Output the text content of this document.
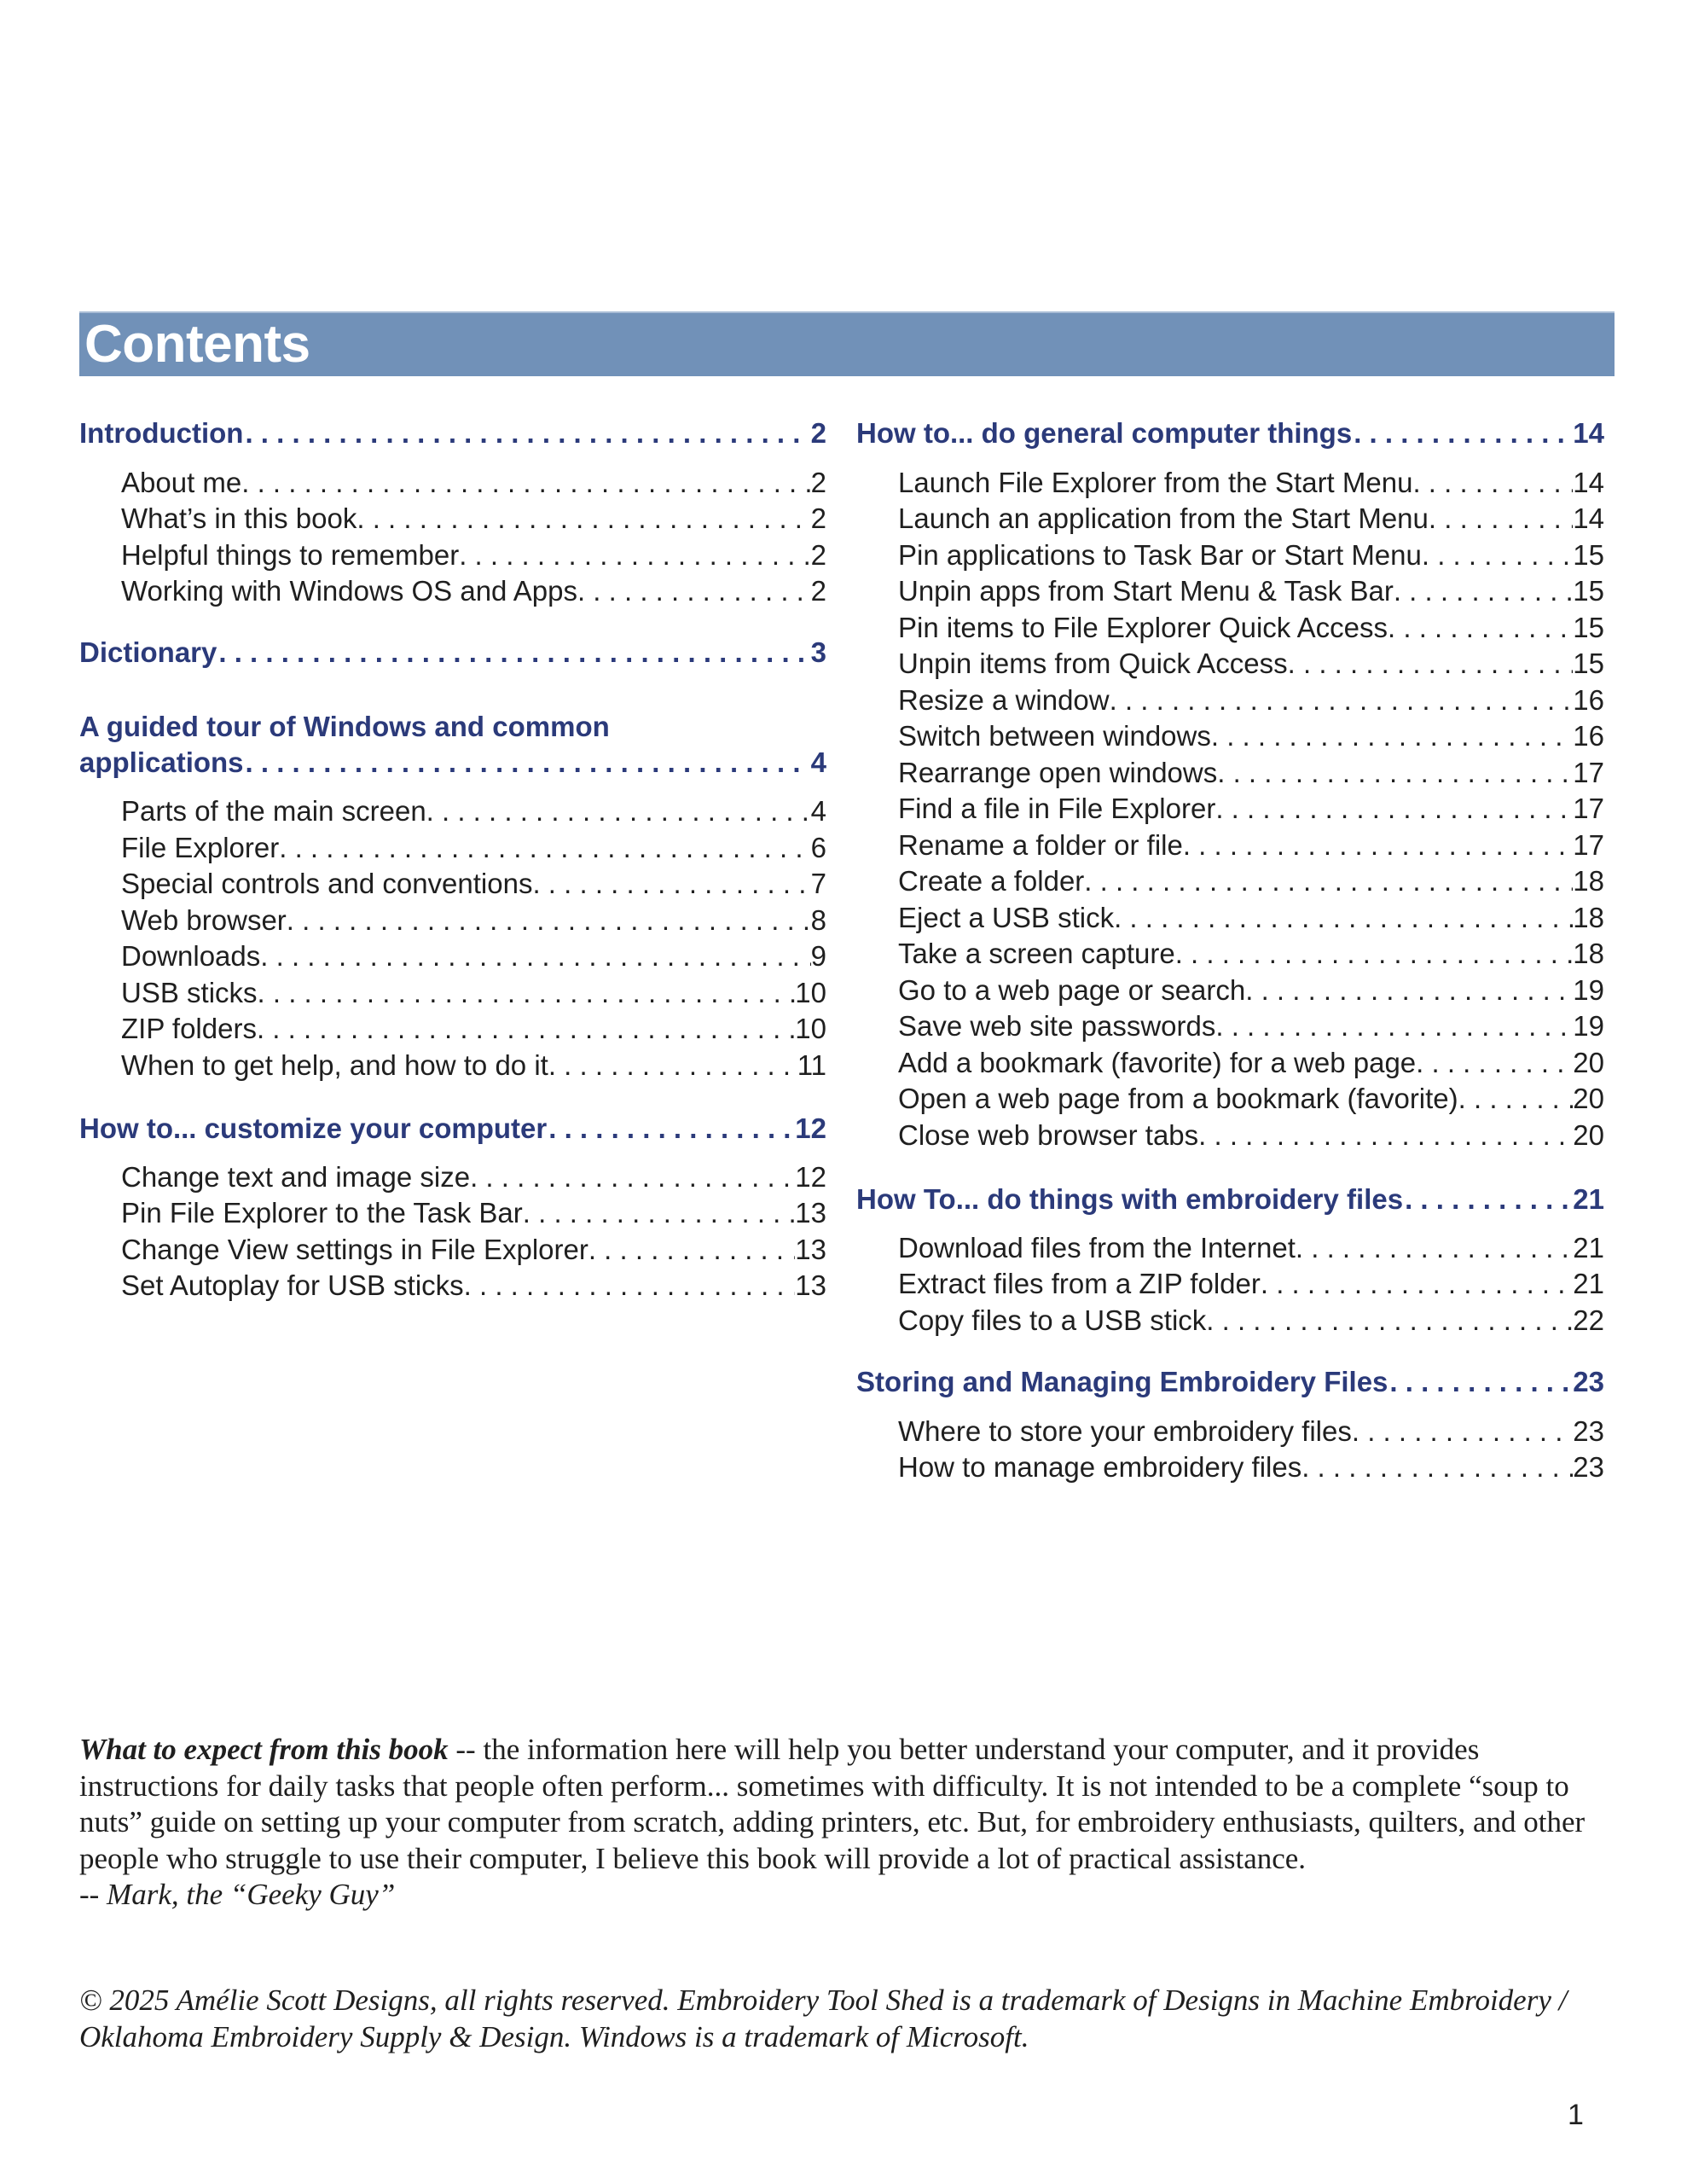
Contents
Introduction . . .	2
About me . . .	2
What’s in this book . . .	2
Helpful things to remember . . .	2
Working with Windows OS and Apps . . .	2
Dictionary . . .	3
A guided tour of Windows and common
applications . . .	4
Parts of the main screen . . .	4
File Explorer . . .	6
Special controls and conventions . . .	7
Web browser . . .	8
Downloads . . .	9
USB sticks . . .	10
ZIP folders . . .	10
When to get help, and how to do it . . .	11
How to... customize your computer . . .	12
Change text and image size . . .	12
Pin File Explorer to the Task Bar . . .	13
Change View settings in File Explorer . . .	13
Set Autoplay for USB sticks . . .	13
How to... do general computer things . . .	14
Launch File Explorer from the Start Menu . . .	14
Launch an application from the Start Menu . . .	14
Pin applications to Task Bar or Start Menu . . .	15
Unpin apps from Start Menu & Task Bar . . .	15
Pin items to File Explorer Quick Access . . .	15
Unpin items from Quick Access . . .	15
Resize a window . . .	16
Switch between windows . . .	16
Rearrange open windows . . .	17
Find a file in File Explorer . . .	17
Rename a folder or file . . .	17
Create a folder . . .	18
Eject a USB stick . . .	18
Take a screen capture . . .	18
Go to a web page or search . . .	19
Save web site passwords . . .	19
Add a bookmark (favorite) for a web page . . .	20
Open a web page from a bookmark (favorite) . . .	20
Close web browser tabs . . .	20
How To... do things with embroidery files . . .	21
Download files from the Internet . . .	21
Extract files from a ZIP folder . . .	21
Copy files to a USB stick . . .	22
Storing and Managing Embroidery Files . . .	23
Where to store your embroidery files . . .	23
How to manage embroidery files . . .	23

What to expect from this book -- the information here will help you better understand your computer, and it provides instructions for daily tasks that people often perform... sometimes with difficulty. It is not intended to be a complete “soup to nuts” guide on setting up your computer from scratch, adding printers, etc. But, for embroidery enthusiasts, quilters, and other people who struggle to use their computer, I believe this book will provide a lot of practical assistance.

-- Mark, the “Geeky Guy”

© 2025 Amélie Scott Designs, all rights reserved. Embroidery Tool Shed is a trademark of Designs in Machine Embroidery / Oklahoma Embroidery Supply & Design. Windows is a trademark of Microsoft.
1
